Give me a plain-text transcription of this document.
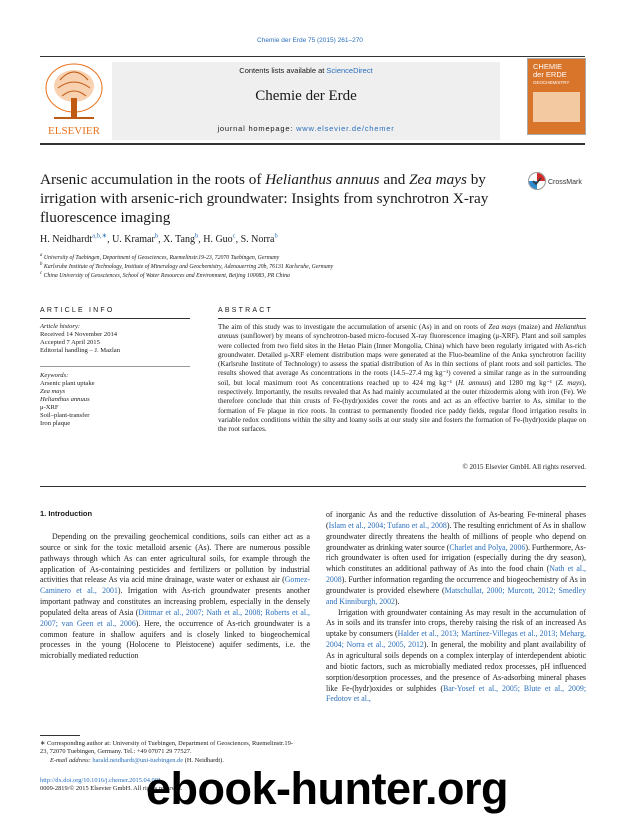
Chemie der Erde 75 (2015) 261–270
Contents lists available at ScienceDirect
Chemie der Erde
journal homepage: www.elsevier.de/chemer
ELSEVIER
CHEMIE
der ERDE
GEOCHEMISTRY
Arsenic accumulation in the roots of Helianthus annuus and Zea mays by irrigation with arsenic-rich groundwater: Insights from synchrotron X-ray fluorescence imaging
CrossMark
H. Neidhardt$^{a,b,∗}$, U. Kramar$^b$, X. Tang$^b$, H. Guo$^c$, S. Norra$^b$
$^a$ University of Tuebingen, Department of Geosciences, Ruemelinstr.19-23, 72070 Tuebingen, Germany
$^b$ Karlsruhe Institute of Technology, Institute of Mineralogy and Geochemistry, Adenauerring 20b, 76131 Karlsruhe, Germany
$^c$ China University of Geosciences, School of Water Resources and Environment, Beijing 100083, PR China
ARTICLE INFO	ABSTRACT
Article history:
Received 14 November 2014
Accepted 7 April 2015
Editorial handling – J. Mazlan
Keywords:
Arsenic plant uptake
Zea mays
Helianthus annuus
μ-XRF
Soil–plant-transfer
Iron plaque
The aim of this study was to investigate the accumulation of arsenic (As) in and on roots of Zea mays (maize) and Helianthus annuus (sunflower) by means of synchrotron-based micro-focused X-ray fluorescence imaging (μ-XRF). Plant and soil samples were collected from two field sites in the Hetao Plain (Inner Mongolia, China) which have been regularly irrigated with As-rich groundwater. Detailed μ-XRF element distribution maps were generated at the Fluo-beamline of the Anka synchrotron facility (Karlsruhe Institute of Technology) to assess the spatial distribution of As in thin sections of plant roots and soil particles. The results showed that average As concentrations in the roots (14.5–27.4 mg kg⁻¹) covered a similar range as in the surrounding soil, but local maximum root As concentrations reached up to 424 mg kg⁻¹ (H. annuus) and 1280 mg kg⁻¹ (Z. mays), respectively. Importantly, the results revealed that As had mainly accumulated at the outer rhizodermis along with iron (Fe). We therefore conclude that thin crusts of Fe-(hydr)oxides cover the roots and act as an effective barrier to As, similar to the formation of Fe plaque in rice roots. In contrast to permanently flooded rice paddy fields, regular flood irrigation results in variable redox conditions within the silty and loamy soils at our study site and fosters the formation of Fe-(hydr)oxide plaque on the root surfaces.
© 2015 Elsevier GmbH. All rights reserved.
1. Introduction

Depending on the prevailing geochemical conditions, soils can either act as a source or sink for the toxic metalloid arsenic (As). There are numerous possible pathways through which As can enter agricultural soils, for example through the application of As-containing pesticides and fertilizers or pollution by industrial activities that release As via acid mine drainage, waste water or exhaust air (Gomez-Caminero et al., 2001). Irrigation with As-rich groundwater presents another important pathway and constitutes an increasing problem, especially in the densely populated delta areas of Asia (Dittmar et al., 2007; Nath et al., 2008; Roberts et al., 2007; van Geen et al., 2006). Here, the occurrence of As-rich groundwater is a common feature in shallow aquifers and is closely linked to biogeochemical processes in the young (Holocene to Pleistocene) aquifer sediments, i.e. the microbially mediated reduction

of inorganic As and the reductive dissolution of As-bearing Fe-mineral phases (Islam et al., 2004; Tufano et al., 2008). The resulting enrichment of As in shallow groundwater directly threatens the health of millions of people who depend on groundwater as drinking water source (Charlet and Polya, 2006). Furthermore, As-rich groundwater is often used for irrigation (especially during the dry season), which constitutes an additional pathway of As into the food chain (Nath et al., 2008). Further information regarding the occurrence and biogeochemistry of As in groundwater is provided elsewhere (Matschullat, 2000; Murcott, 2012; Smedley and Kinniburgh, 2002).

Irrigation with groundwater containing As may result in the accumulation of As in soils and its transfer into crops, thereby raising the risk of an increased As uptake by consumers (Halder et al., 2013; Martínez-Villegas et al., 2013; Meharg, 2004; Norra et al., 2005, 2012). In general, the mobility and plant availability of As in agricultural soils depends on a complex interplay of interdependent abiotic and biotic factors, such as microbially mediated redox processes, pH influenced sorption/desorption processes, and the presence of As-adsorbing mineral phases like Fe-(hydr)oxides or sulphides (Bar-Yosef et al., 2005; Blute et al., 2009; Fedotov et al.,

∗ Corresponding author at: University of Tuebingen, Department of Geosciences, Ruemelinstr.19-23, 72070 Tuebingen, Germany. Tel.: +49 07071 29 77527.
E-mail address: harald.neidhardt@uni-tuebingen.de (H. Neidhardt).
http://dx.doi.org/10.1016/j.chemer.2015.04.001
0009-2819/© 2015 Elsevier GmbH. All rights reserved.
ebook-hunter.org
